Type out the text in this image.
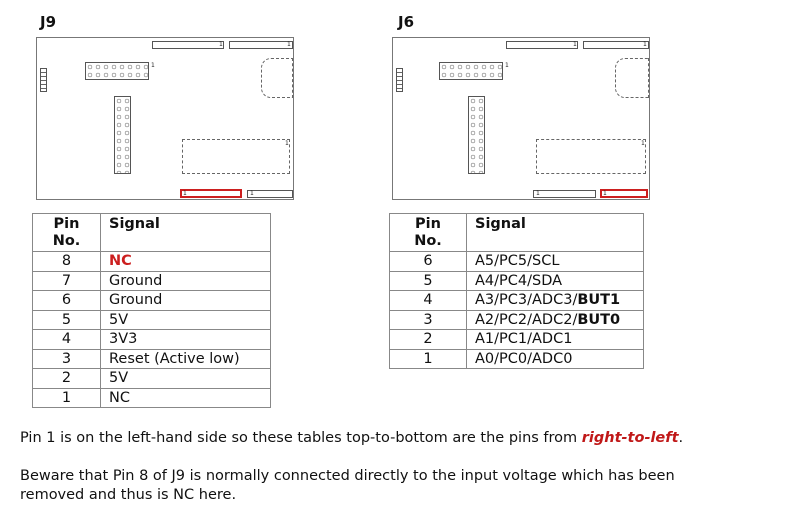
J9	J6
1	1
1
1
1	1
1	1
1
1
1	1
Pin
No.	Signal
8	NC
7	Ground
6	Ground
5	5V
4	3V3
3	Reset (Active low)
2	5V
1	NC
Pin
No.	Signal
6	A5/PC5/SCL
5	A4/PC4/SDA
4	A3/PC3/ADC3/BUT1
3	A2/PC2/ADC2/BUT0
2	A1/PC1/ADC1
1	A0/PC0/ADC0
Pin 1 is on the left-hand side so these tables top-to-bottom are the pins from right-to-left.
Beware that Pin 8 of J9 is normally connected directly to the input voltage which has been removed and thus is NC here.
